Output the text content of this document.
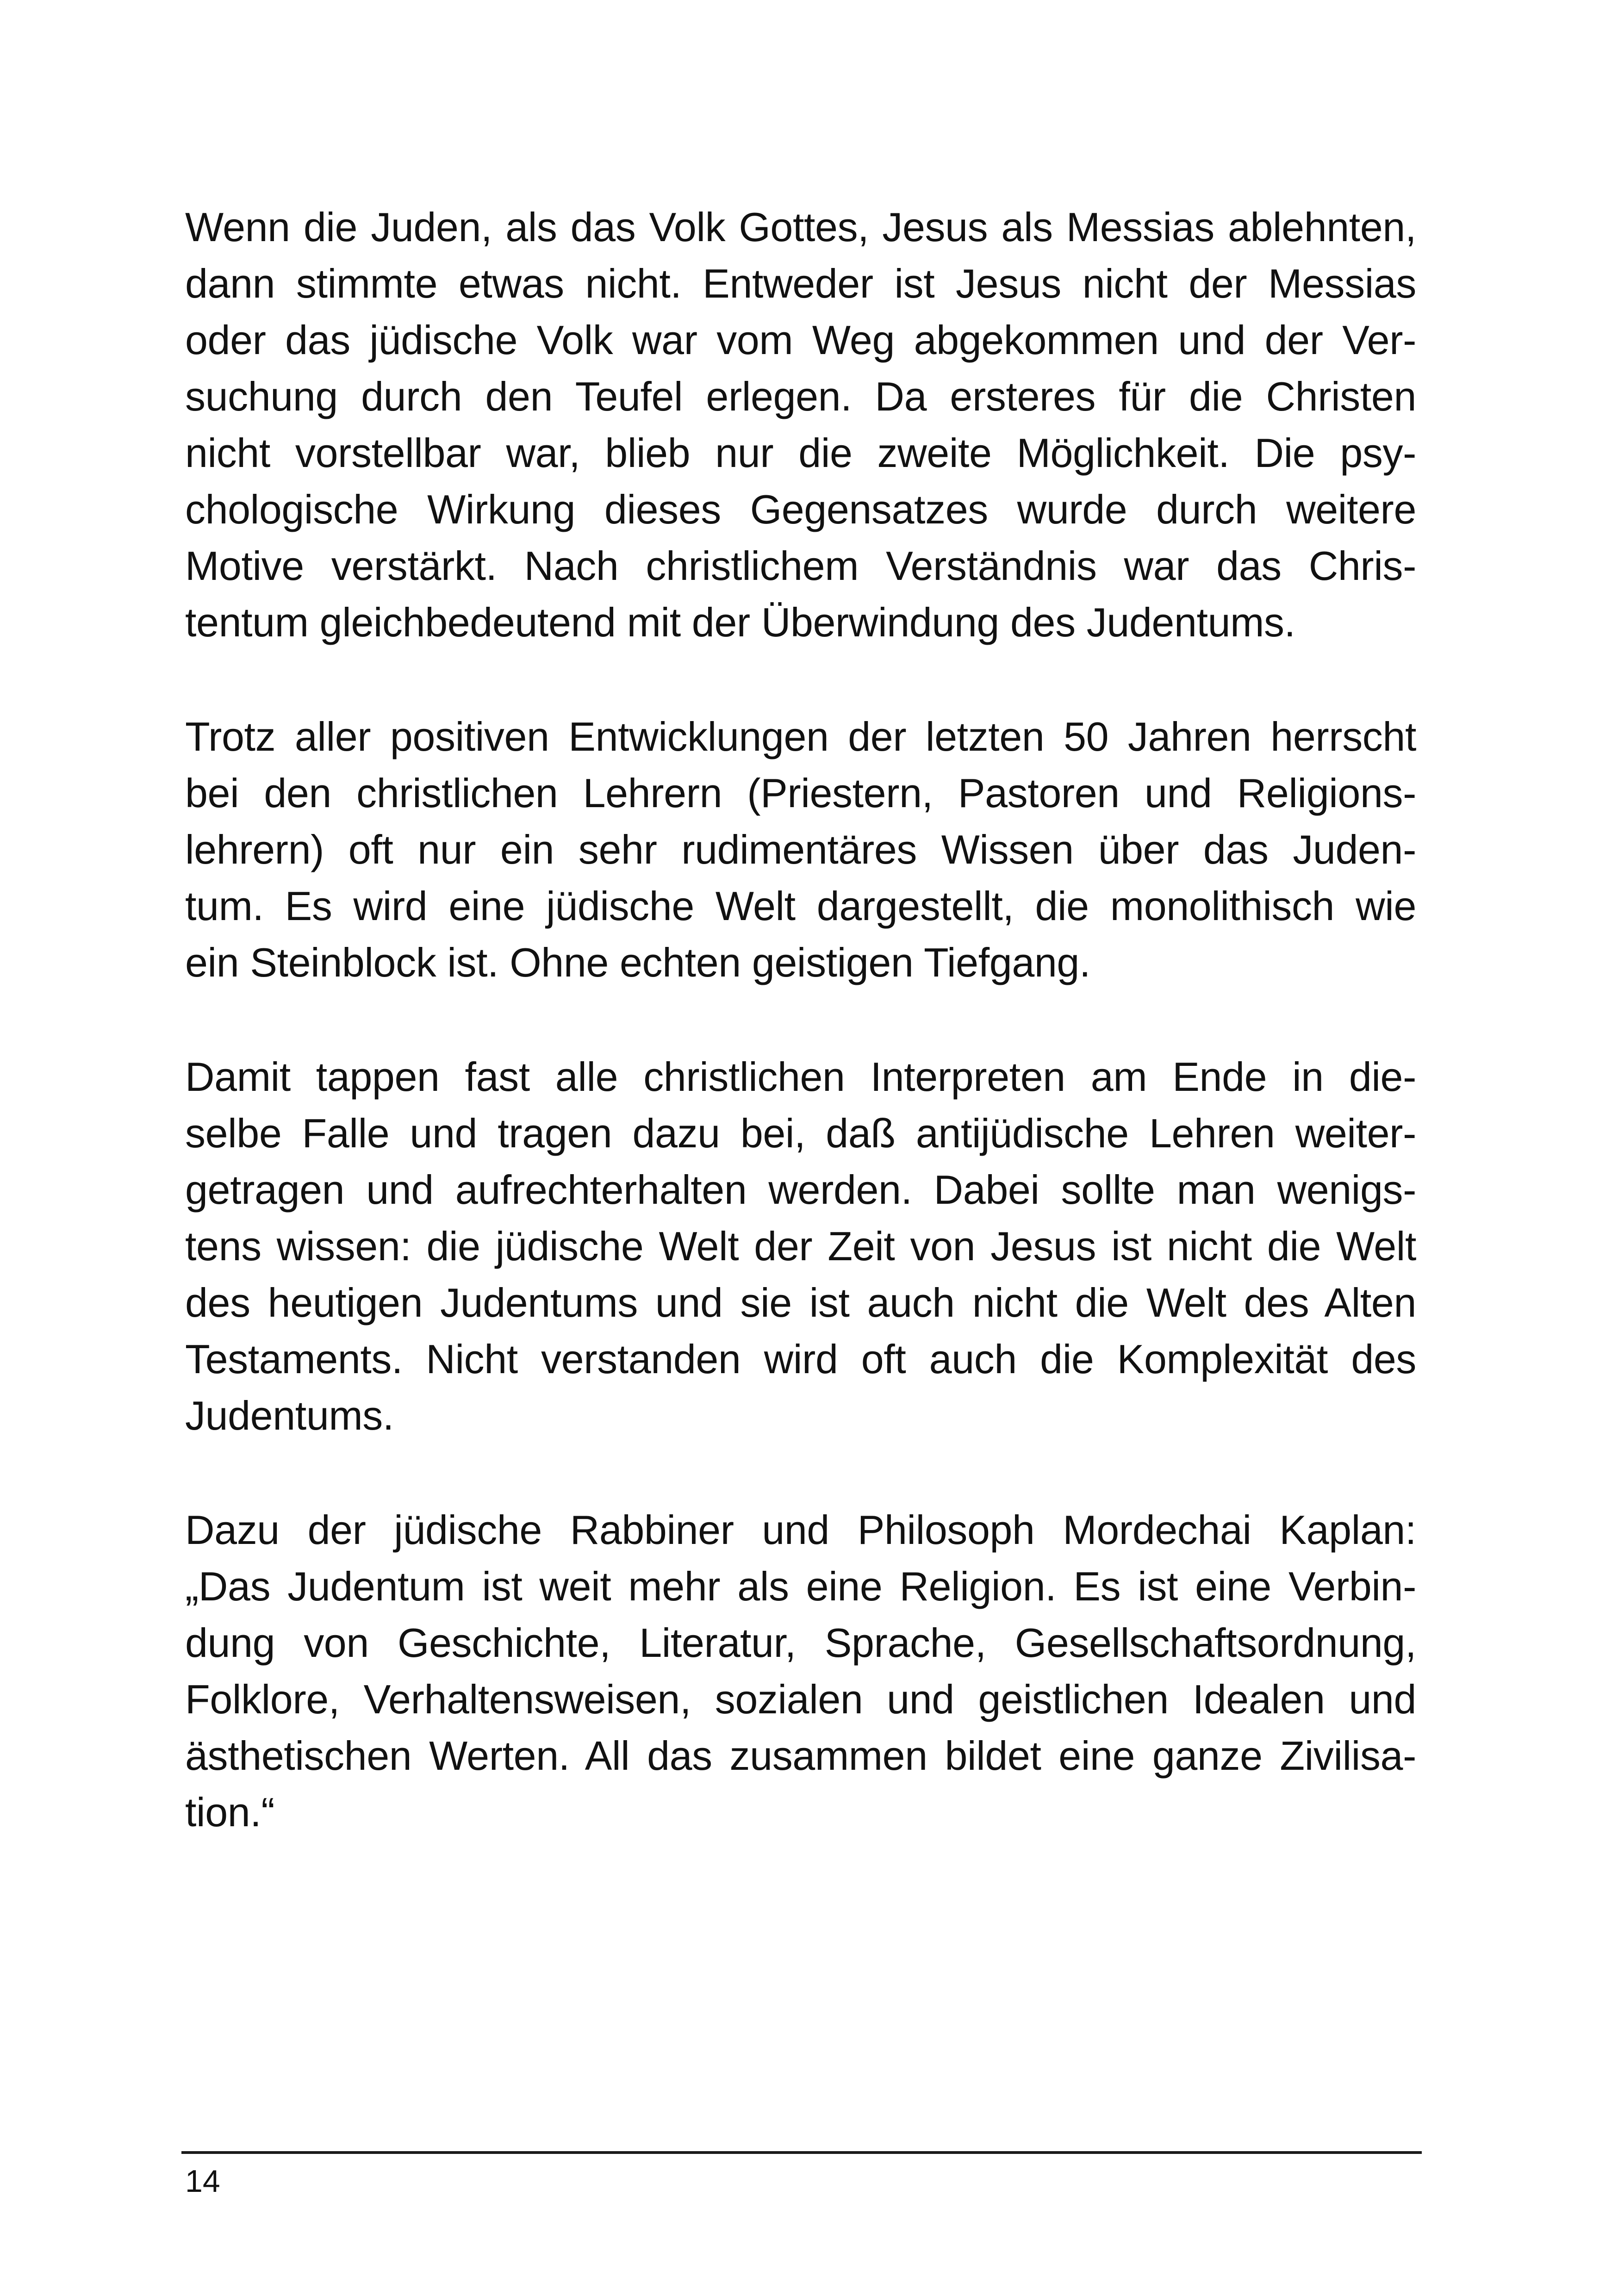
Wenn die Juden, als das Volk Gottes, Jesus als Messias ablehnten,
dann stimmte etwas nicht. Entweder ist Jesus nicht der Messias
oder das jüdische Volk war vom Weg abgekommen und der Ver-
suchung durch den Teufel erlegen. Da ersteres für die Christen
nicht vorstellbar war, blieb nur die zweite Möglichkeit. Die psy-
chologische Wirkung dieses Gegensatzes wurde durch weitere
Motive verstärkt. Nach christlichem Verständnis war das Chris-
tentum gleichbedeutend mit der Überwindung des Judentums.

Trotz aller positiven Entwicklungen der letzten 50 Jahren herrscht
bei den christlichen Lehrern (Priestern, Pastoren und Religions-
lehrern) oft nur ein sehr rudimentäres Wissen über das Juden-
tum. Es wird eine jüdische Welt dargestellt, die monolithisch wie
ein Steinblock ist. Ohne echten geistigen Tiefgang.

Damit tappen fast alle christlichen Interpreten am Ende in die-
selbe Falle und tragen dazu bei, daß antijüdische Lehren weiter-
getragen und aufrechterhalten werden. Dabei sollte man wenigs-
tens wissen: die jüdische Welt der Zeit von Jesus ist nicht die Welt
des heutigen Judentums und sie ist auch nicht die Welt des Alten
Testaments. Nicht verstanden wird oft auch die Komplexität des
Judentums.

Dazu der jüdische Rabbiner und Philosoph Mordechai Kaplan:
„Das Judentum ist weit mehr als eine Religion. Es ist eine Verbin-
dung von Geschichte, Literatur, Sprache, Gesellschaftsordnung,
Folklore, Verhaltensweisen, sozialen und geistlichen Idealen und
ästhetischen Werten. All das zusammen bildet eine ganze Zivilisa-
tion.“

14
